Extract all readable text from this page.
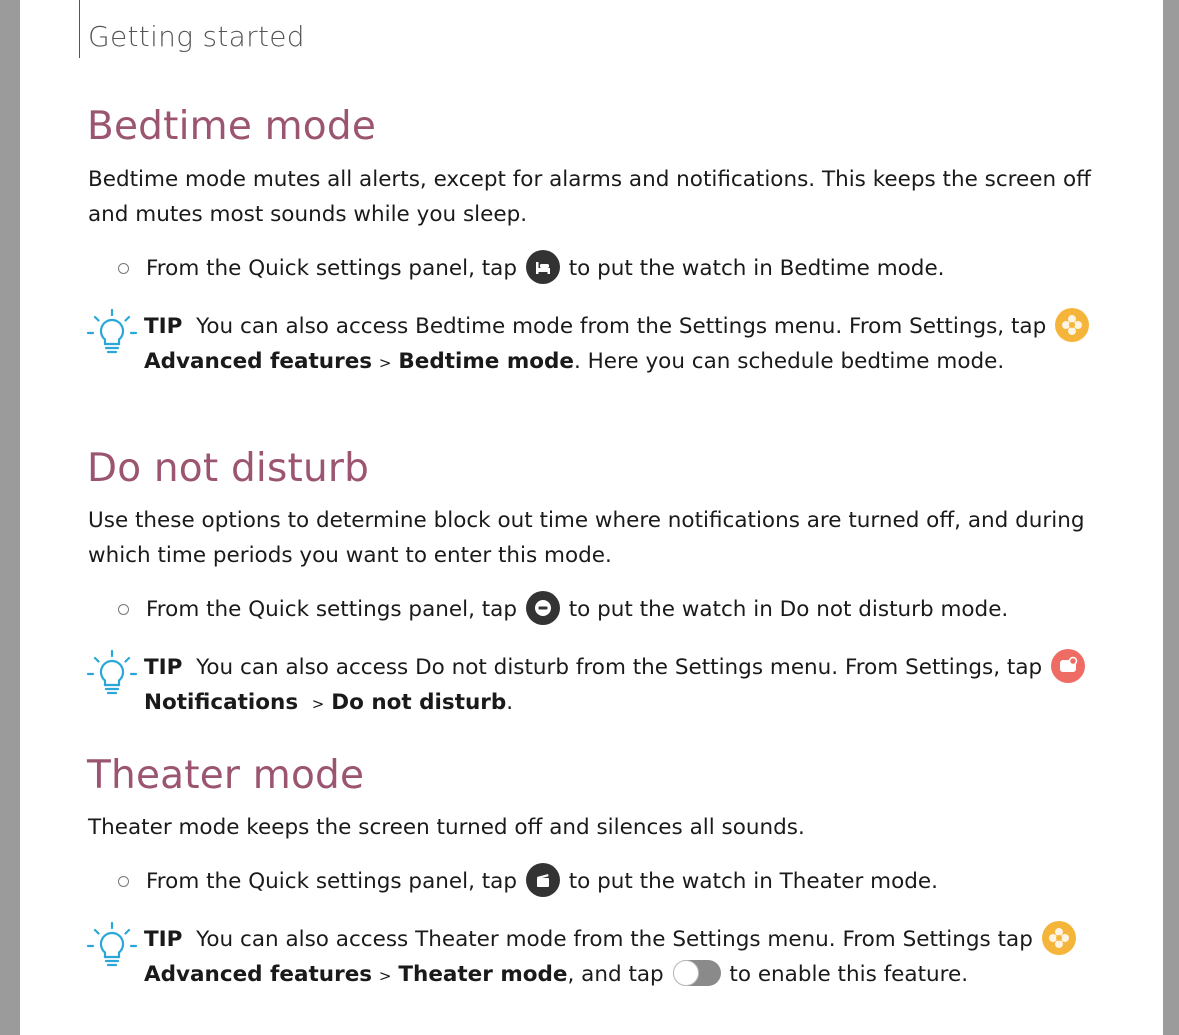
Getting started
Bedtime mode

Bedtime mode mutes all alerts, except for alarms and notifications. This keeps the screen off and mutes most sounds while you sleep.

From the Quick settings panel, tap to put the watch in Bedtime mode.
TIP You can also access Bedtime mode from the Settings menu. From Settings, tap
Advanced features > Bedtime mode. Here you can schedule bedtime mode.
Do not disturb

Use these options to determine block out time where notifications are turned off, and during which time periods you want to enter this mode.

From the Quick settings panel, tap to put the watch in Do not disturb mode.
TIP You can also access Do not disturb from the Settings menu. From Settings, tap
Notifications > Do not disturb.
Theater mode

Theater mode keeps the screen turned off and silences all sounds.

From the Quick settings panel, tap to put the watch in Theater mode.
TIP You can also access Theater mode from the Settings menu. From Settings tap
Advanced features > Theater mode, and tap	to enable this feature.
